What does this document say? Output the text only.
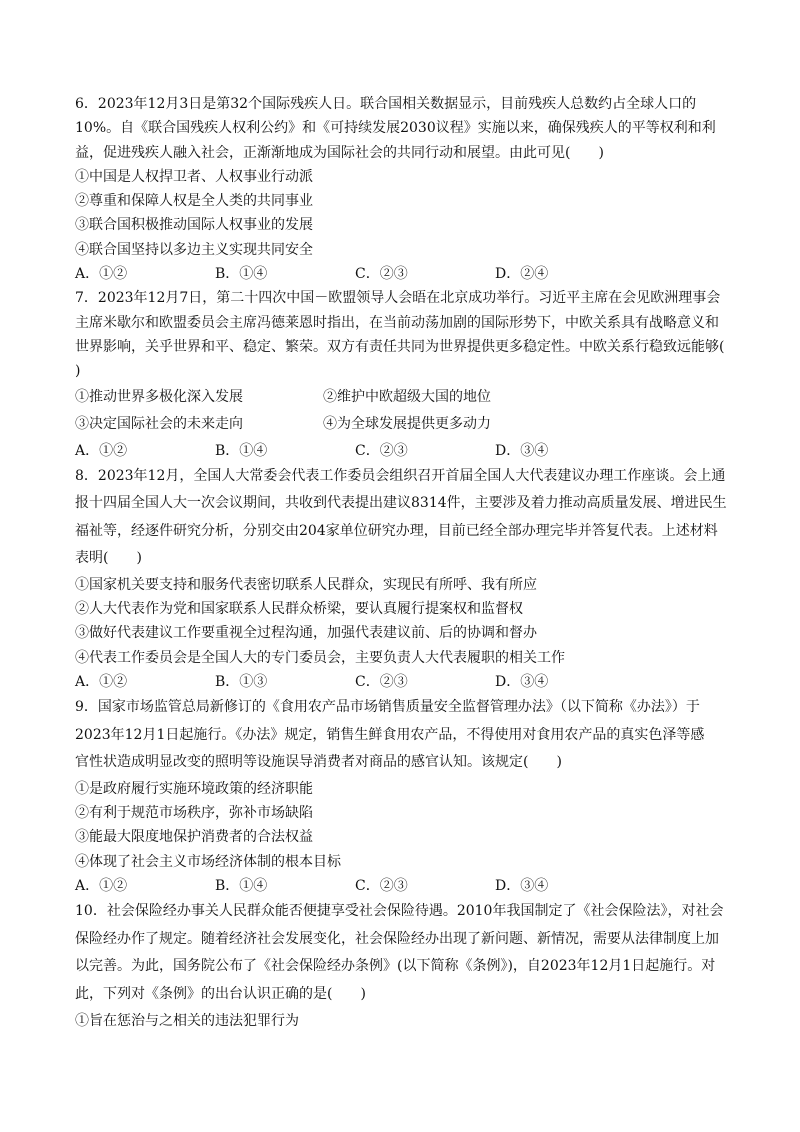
6．2023年12月3日是第32个国际残疾人日。联合国相关数据显示，目前残疾人总数约占全球人口的
10%。自《联合国残疾人权利公约》和《可持续发展2030议程》实施以来，确保残疾人的平等权利和利
益，促进残疾人融入社会，正渐渐地成为国际社会的共同行动和展望。由此可见(　　)
①中国是人权捍卫者、人权事业行动派
②尊重和保障人权是全人类的共同事业
③联合国积极推动国际人权事业的发展
④联合国坚持以多边主义实现共同安全
A．①②	B．①④	C．②③	D．②④
7．2023年12月7日，第二十四次中国－欧盟领导人会晤在北京成功举行。习近平主席在会见欧洲理事会
主席米歇尔和欧盟委员会主席冯德莱恩时指出，在当前动荡加剧的国际形势下，中欧关系具有战略意义和
世界影响，关乎世界和平、稳定、繁荣。双方有责任共同为世界提供更多稳定性。中欧关系行稳致远能够(
)
①推动世界多极化深入发展	②维护中欧超级大国的地位
③决定国际社会的未来走向	④为全球发展提供更多动力
A．①②	B．①④	C．②③	D．③④
8．2023年12月，全国人大常委会代表工作委员会组织召开首届全国人大代表建议办理工作座谈。会上通
报十四届全国人大一次会议期间，共收到代表提出建议8314件，主要涉及着力推动高质量发展、增进民生
福祉等，经逐件研究分析，分别交由204家单位研究办理，目前已经全部办理完毕并答复代表。上述材料
表明(　　)
①国家机关要支持和服务代表密切联系人民群众，实现民有所呼、我有所应
②人大代表作为党和国家联系人民群众桥梁，要认真履行提案权和监督权
③做好代表建议工作要重视全过程沟通，加强代表建议前、后的协调和督办
④代表工作委员会是全国人大的专门委员会，主要负责人大代表履职的相关工作
A．①②	B．①③	C．②③	D．③④
9．国家市场监管总局新修订的《食用农产品市场销售质量安全监督管理办法》（以下简称《办法》）于
2023年12月1日起施行。《办法》规定，销售生鲜食用农产品，不得使用对食用农产品的真实色泽等感
官性状造成明显改变的照明等设施误导消费者对商品的感官认知。该规定(　　)
①是政府履行实施环境政策的经济职能
②有利于规范市场秩序，弥补市场缺陷
③能最大限度地保护消费者的合法权益
④体现了社会主义市场经济体制的根本目标
A．①②	B．①④	C．②③	D．③④
10．社会保险经办事关人民群众能否便捷享受社会保险待遇。2010年我国制定了《社会保险法》，对社会
保险经办作了规定。随着经济社会发展变化，社会保险经办出现了新问题、新情况，需要从法律制度上加
以完善。为此，国务院公布了《社会保险经办条例》(以下简称《条例》)，自2023年12月1日起施行。对
此，下列对《条例》的出台认识正确的是(　　)
①旨在惩治与之相关的违法犯罪行为
